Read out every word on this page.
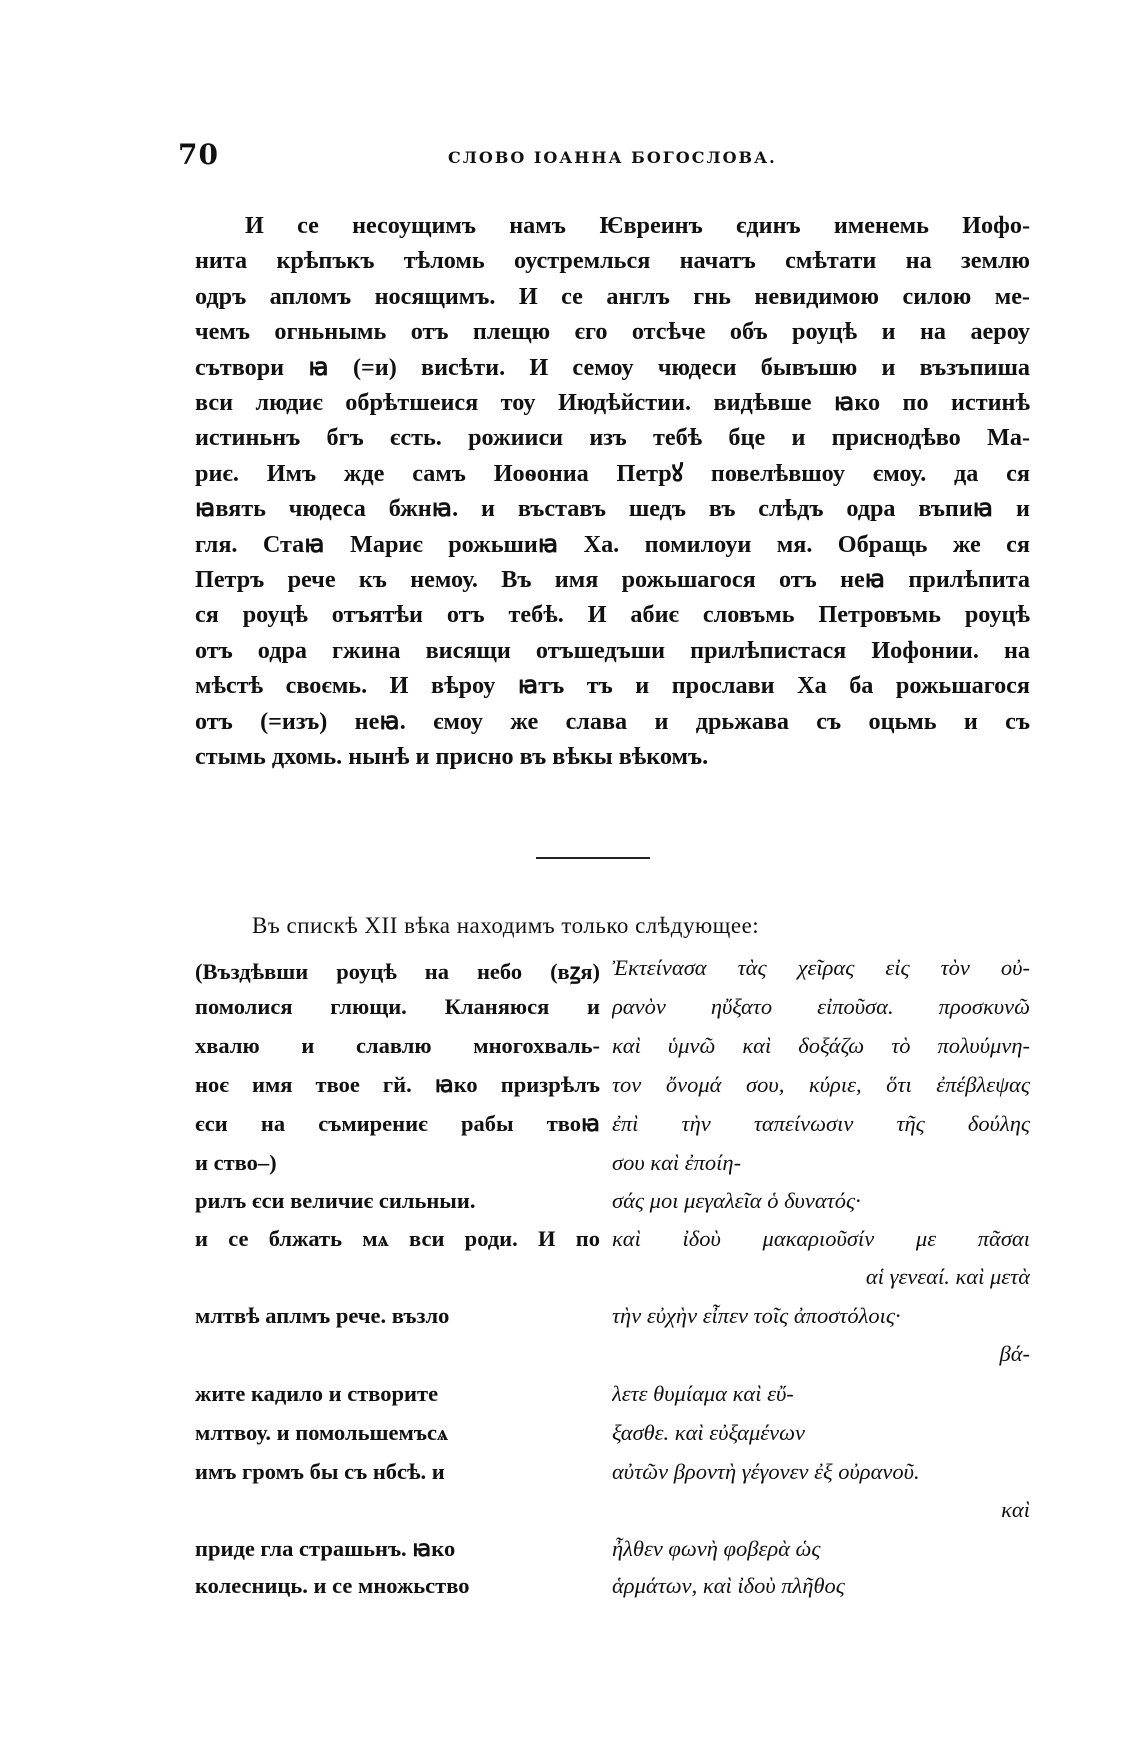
70	СЛОВО ІОАННА БОГОСЛОВА.
И се несоущимъ намъ Ѥвреинъ єдинъ именемь Иофо-
нита крѣпъкъ тѣломь оустремлься начатъ смѣтати на землю
одръ апломъ носящимъ. И се англъ гнь невидимою силою ме-
чемъ огньнымь отъ плещю єго отсѣче объ роуцѣ и на аероу
сътвори ꙗ (=и) висѣти. И семоу чюдеси бывъшю и възъпиша
вси людиє обрѣтшеися тоу Июдѣйстии. видѣвше ꙗко по истинѣ
истиньнъ бгъ єсть. рожииси изъ тебѣ бце и приснодѣво Ма-
риє. Имъ жде самъ Иоѳониа Петрꙋ повелѣвшоу ємоу. да ся
ꙗвять чюдеса бжнꙗ. и въставъ шедъ въ слѣдъ одра въпиꙗ и
гля. Стаꙗ Мариє рожьшиꙗ Ха. помилоуи мя. Обращь же ся
Петръ рече къ немоу. Въ имя рожьшагося отъ неꙗ прилѣпита
ся роуцѣ отъятѣи отъ тебѣ. И абиє словъмь Петровъмь роуцѣ
отъ одра гжина висящи отъшедъши прилѣпистася Иофонии. на
мѣстѣ своємь. И вѣроу ꙗтъ тъ и прослави Ха ба рожьшагося
отъ (=изъ) неꙗ. ємоу же слава и дрьжава съ оцьмь и съ
стымь дхомь. нынѣ и присно въ вѣкы вѣкомъ.
Въ спискѣ XII вѣка находимъ только слѣдующее:
(Въздѣвши роуцѣ на небо (вꙁя)
помолися глющи. Кланяюся и
хвалю и славлю многохваль-
ноє имя твое гй. ꙗко призрѣлъ
єси на съмирениє рабы твоꙗ
и ство–)
рилъ єси величиє сильныи.
и се блжать мѧ вси роди. И по
млтвѣ аплмъ рече. възло
жите кадило и створите
млтвоу. и помольшемъсѧ
имъ громъ бы съ нбсѣ. и
приде гла страшьнъ. ꙗко
колесниць. и се множьство
Ἐκτείνασα τὰς χεῖρας εἰς τὸν οὐ-
ρανὸν ηὔξατο εἰποῦσα. προσκυνῶ
καὶ ὑμνῶ καὶ δοξάζω τὸ πολυύμνη-
τον ὄνομά σου, κύριε, ὅτι ἐπέβλεψας
ἐπὶ τὴν ταπείνωσιν τῆς δούλης
σου καὶ ἐποίη-
σάς μοι μεγαλεῖα ὁ δυνατός·
καὶ ἰδοὺ μακαριοῦσίν με πᾶσαι
αἱ γενεαί. καὶ μετὰ
τὴν εὐχὴν εἶπεν τοῖς ἀποστόλοις·
βά-
λετε θυμίαμα καὶ εὔ-
ξασθε. καὶ εὐξαμένων
αὐτῶν βροντὴ γέγονεν ἐξ οὐρανοῦ.
καὶ
ἦλθεν φωνὴ φοβερὰ ὡς
ἁρμάτων, καὶ ἰδοὺ πλῆθος
